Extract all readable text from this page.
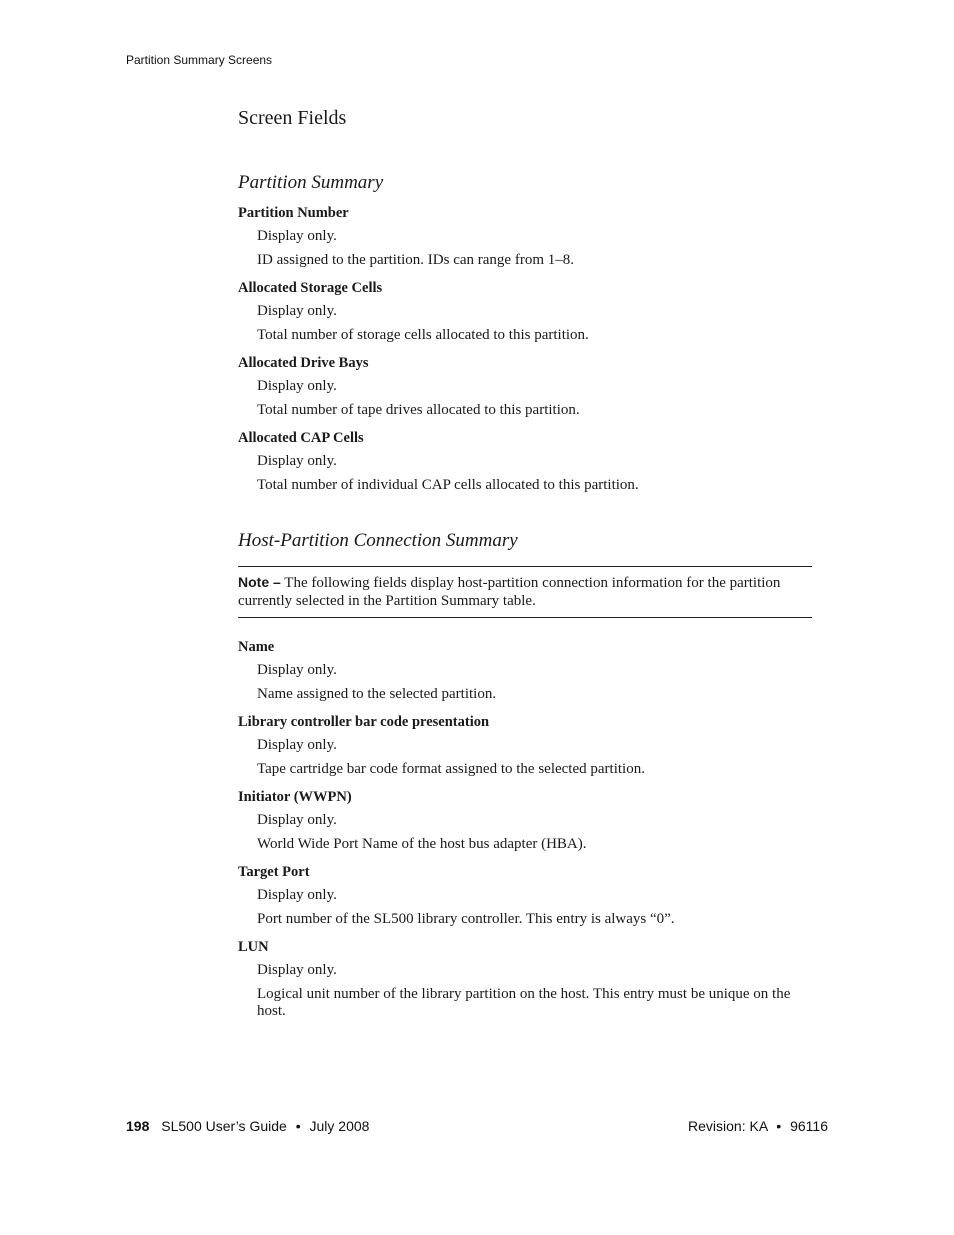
Partition Summary Screens
Screen Fields
Partition Summary
Partition Number
Display only.
ID assigned to the partition. IDs can range from 1–8.
Allocated Storage Cells
Display only.
Total number of storage cells allocated to this partition.
Allocated Drive Bays
Display only.
Total number of tape drives allocated to this partition.
Allocated CAP Cells
Display only.
Total number of individual CAP cells allocated to this partition.
Host-Partition Connection Summary
Note – The following fields display host-partition connection information for the partition currently selected in the Partition Summary table.
Name
Display only.
Name assigned to the selected partition.
Library controller bar code presentation
Display only.
Tape cartridge bar code format assigned to the selected partition.
Initiator (WWPN)
Display only.
World Wide Port Name of the host bus adapter (HBA).
Target Port
Display only.
Port number of the SL500 library controller. This entry is always “0”.
LUN
Display only.
Logical unit number of the library partition on the host. This entry must be unique on the host.
198 SL500 User’s Guide • July 2008	Revision: KA • 96116
